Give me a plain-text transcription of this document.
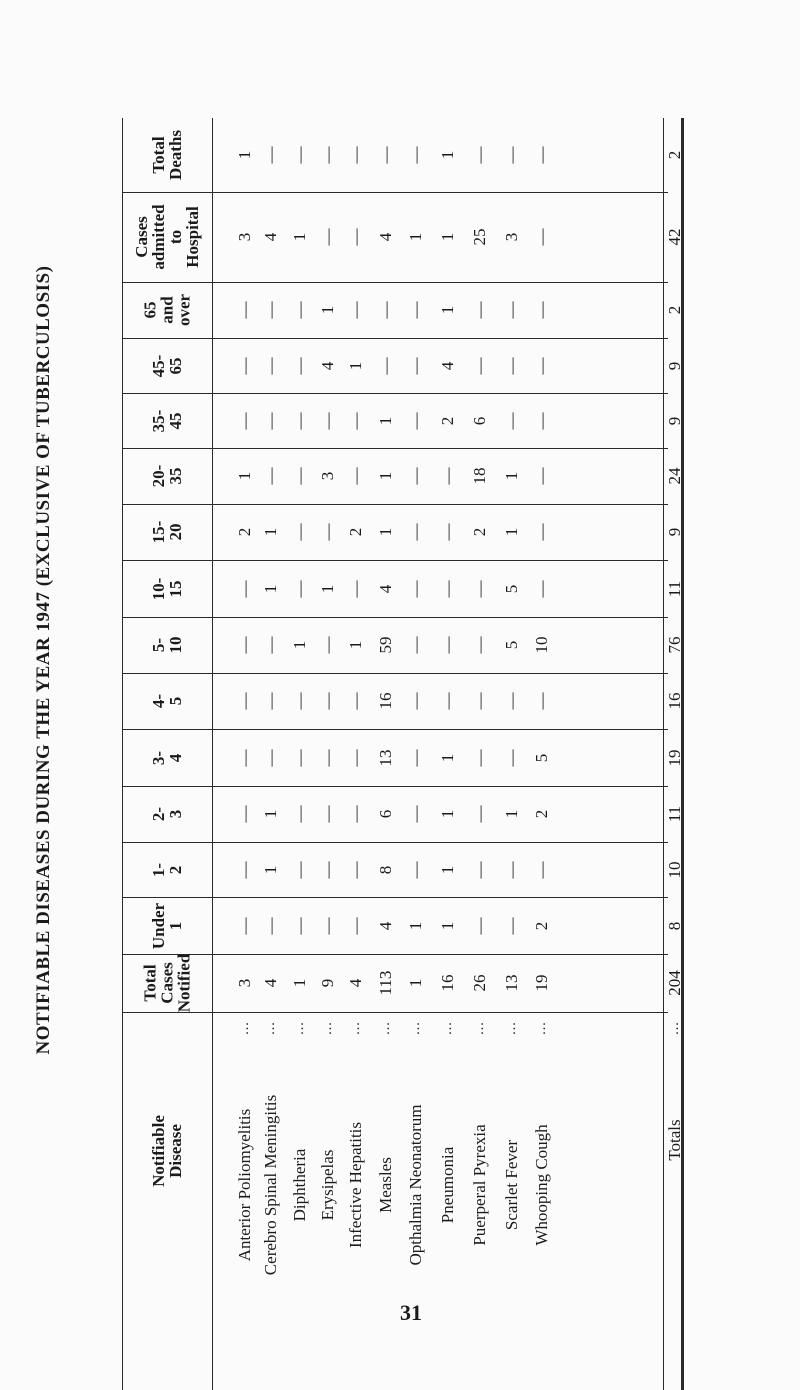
NOTIFIABLE DISEASES DURING THE YEAR 1947 (EXCLUSIVE OF TUBERCULOSIS)
Total
Deaths
Cases
admitted
to
Hospital
65
and
over
45-65
35-45
20-35
15-20
10-15
5-10
4-5
3-4
2-3
1-2
Under
1
Total
Cases
Notified
Notifiable Disease
1
3
—
—
—
1
2
—
—
—
—
—
—
—
3
Anterior Poliomyelitis
...
—
4
—
—
—
—
1
1
—
—
—
1
1
—
4
Cerebro Spinal Meningitis
...
—
1
—
—
—
—
—
—
1
—
—
—
—
—
1
Diphtheria
...
—
—
1
4
—
3
—
1
—
—
—
—
—
—
9
Erysipelas
...
—
—
—
1
—
—
2
—
1
—
—
—
—
—
4
Infective Hepatitis
...
—
4
—
—
1
1
1
4
59
16
13
6
8
4
113
Measles
...
—
1
—
—
—
—
—
—
—
—
—
—
—
1
1
Opthalmia Neonatorum
...
1
1
1
4
2
—
—
—
—
—
1
1
1
1
16
Pneumonia
...
—
25
—
—
6
18
2
—
—
—
—
—
—
—
26
Puerperal Pyrexia
...
—
3
—
—
—
1
1
5
5
—
—
1
—
—
13
Scarlet Fever
...
—
—
—
—
—
—
—
—
10
—
5
2
—
2
19
Whooping Cough
...
2
42
2
9
9
24
9
11
76
16
19
11
10
8
204
Totals
...
31
